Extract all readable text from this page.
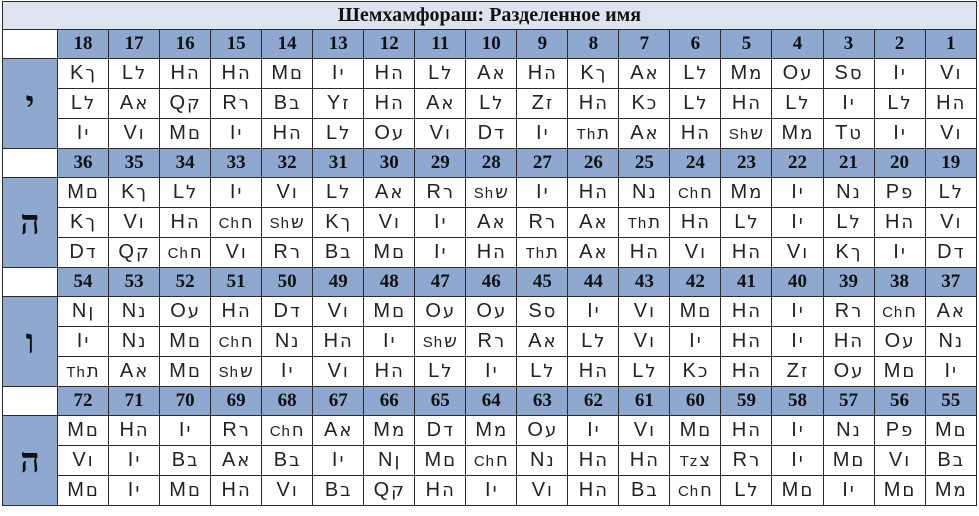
Шемхамфораш: Разделенное имя																		
	18	17	16	15	14	13	12	11	10	9	8	7	6	5	4	3	2	1
י	Kך	Lל	Hה	Hה	Mם	Iי	Hה	Lל	Aא	Hה	Kך	Aא	Lל	Mמ	Oע	Sס	Iי	Vו
	Lל	Aא	Qק	Rר	Bב	Yז	Hה	Aא	Lל	Zז	Hה	Kכ	Lל	Hה	Lל	Iי	Lל	Hה
	Iי	Vו	Mם	Iי	Hה	Lל	Oע	Vו	Dד	Iי	Thת	Aא	Hה	Shש	Mמ	Tט	Iי	Vו
	36	35	34	33	32	31	30	29	28	27	26	25	24	23	22	21	20	19
ה	Mם	Kך	Lל	Iי	Vו	Lל	Aא	Rר	Shש	Iי	Hה	Nנ	Chח	Mמ	Iי	Nנ	Pפ	Lל
	Kך	Vו	Hה	Chח	Shש	Kך	Vו	Iי	Aא	Rר	Aא	Thת	Hה	Lל	Iי	Lל	Hה	Vו
	Dד	Qק	Chח	Vו	Rר	Bב	Mם	Iי	Hה	Thת	Aא	Hה	Vו	Hה	Vו	Kך	Iי	Dד
	54	53	52	51	50	49	48	47	46	45	44	43	42	41	40	39	38	37
ו	Nן	Nנ	Oע	Hה	Dד	Vו	Mם	Oע	Oע	Sס	Iי	Vו	Mם	Hה	Iי	Rר	Chח	Aא
	Iי	Nנ	Mם	Chח	Nנ	Hה	Iי	Shש	Rר	Aא	Lל	Vו	Iי	Hה	Iי	Hה	Oע	Nנ
	Thת	Aא	Mם	Shש	Iי	Vו	Hה	Lל	Iי	Lל	Hה	Lל	Kכ	Hה	Zז	Oע	Mם	Iי
	72	71	70	69	68	67	66	65	64	63	62	61	60	59	58	57	56	55
ה	Mם	Hה	Iי	Rר	Chח	Aא	Mמ	Dד	Mמ	Oע	Iי	Vו	Mם	Hה	Iי	Nנ	Pפ	Mם
	Vו	Iי	Bב	Aא	Bב	Iי	Nן	Mם	Chח	Nנ	Hה	Hה	Tzצ	Rר	Iי	Mם	Vו	Bב
	Mם	Iי	Mם	Hה	Vו	Bב	Qק	Hה	Iי	Vו	Hה	Bב	Chח	Lל	Mם	Iי	Mם	Mמ
